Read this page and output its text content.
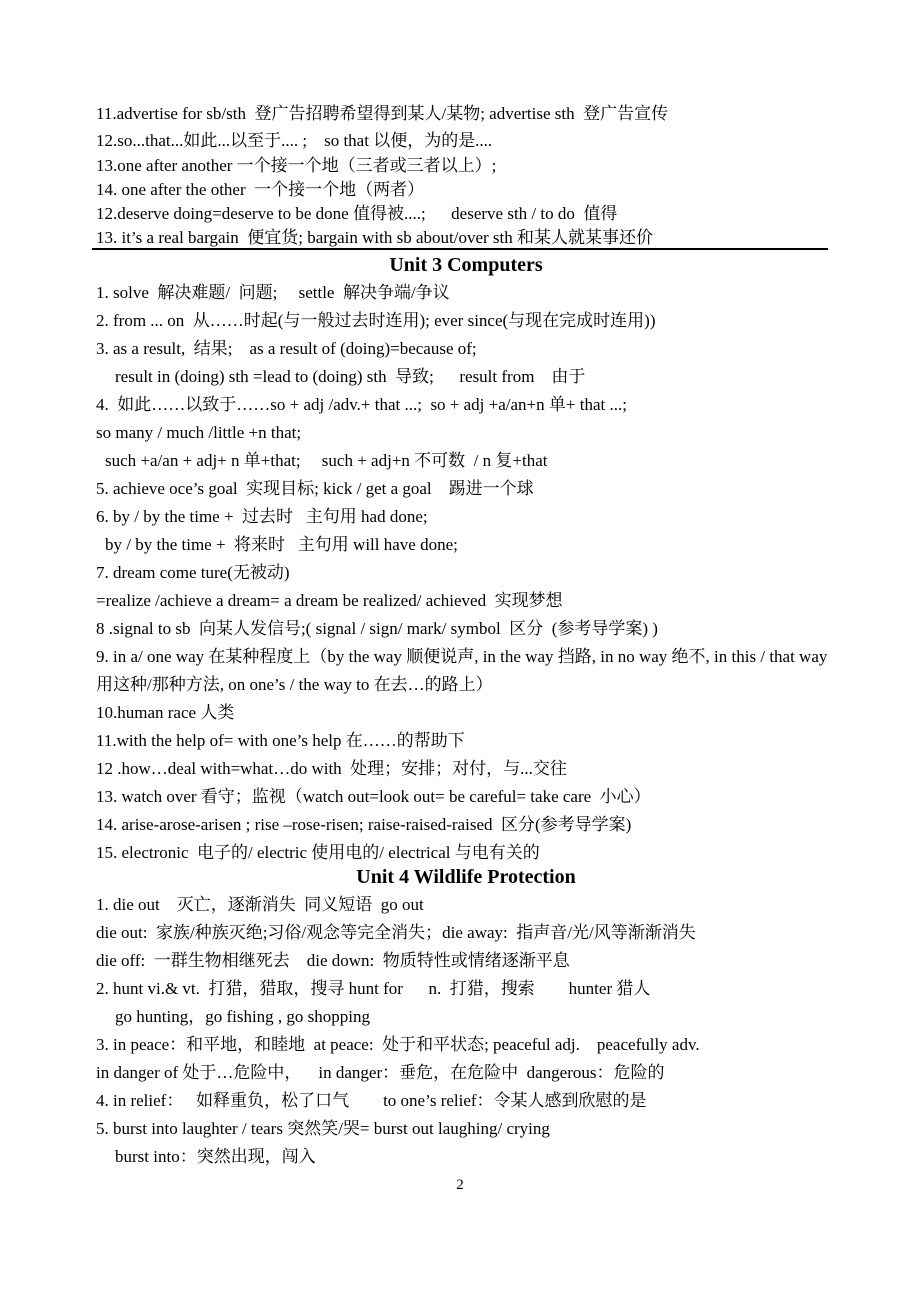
11.advertise for sb/sth  登广告招聘希望得到某人/某物; advertise sth  登广告宣传
12.so...that...如此...以至于.... ;    so that 以便，为的是....
13.one after another 一个接一个地（三者或三者以上）;
14. one after the other  一个接一个地（两者）
12.deserve doing=deserve to be done 值得被....;      deserve sth / to do  值得
13. it’s a real bargain  便宜货; bargain with sb about/over sth 和某人就某事还价
Unit 3 Computers
1. solve  解决难题/  问题;     settle  解决争端/争议
2. from ... on  从……时起(与一般过去时连用); ever since(与现在完成时连用))
3. as a result,  结果;    as a result of (doing)=because of;
result in (doing) sth =lead to (doing) sth  导致;      result from    由于
4.  如此……以致于……so + adj /adv.+ that ...;  so + adj +a/an+n 单+ that ...;
so many / much /little +n that;
such +a/an + adj+ n 单+that;     such + adj+n 不可数  / n 复+that
5. achieve oce’s goal  实现目标; kick / get a goal    踢进一个球
6. by / by the time +  过去时   主句用 had done;
by / by the time +  将来时   主句用 will have done;
7. dream come ture(无被动)
=realize /achieve a dream= a dream be realized/ achieved  实现梦想
8 .signal to sb  向某人发信号;( signal / sign/ mark/ symbol  区分  (参考导学案) )
9. in a/ one way 在某种程度上（by the way 顺便说声, in the way 挡路, in no way 绝不, in this / that way 用这种/那种方法, on one’s / the way to 在去…的路上）
10.human race 人类
11.with the help of= with one’s help 在……的帮助下
12 .how…deal with=what…do with  处理；安排；对付，与...交往
13. watch over 看守；监视（watch out=look out= be careful= take care  小心）
14. arise-arose-arisen ; rise –rose-risen; raise-raised-raised  区分(参考导学案)
15. electronic  电子的/ electric 使用电的/ electrical 与电有关的
Unit 4 Wildlife Protection
1. die out    灭亡，逐渐消失  同义短语  go out
die out:  家族/种族灭绝;习俗/观念等完全消失；die away:  指声音/光/风等渐渐消失
die off:  一群生物相继死去    die down:  物质特性或情绪逐渐平息
2. hunt vi.& vt.  打猎，猎取，搜寻 hunt for      n.  打猎，搜索        hunter 猎人
go hunting，go fishing , go shopping
3. in peace：和平地，和睦地  at peace:  处于和平状态; peaceful adj.    peacefully adv.
in danger of 处于…危险中，    in danger：垂危，在危险中  dangerous：危险的
4. in relief：   如释重负，松了口气        to one’s relief：令某人感到欣慰的是
5. burst into laughter / tears 突然笑/哭= burst out laughing/ crying
burst into：突然出现，闯入
2
